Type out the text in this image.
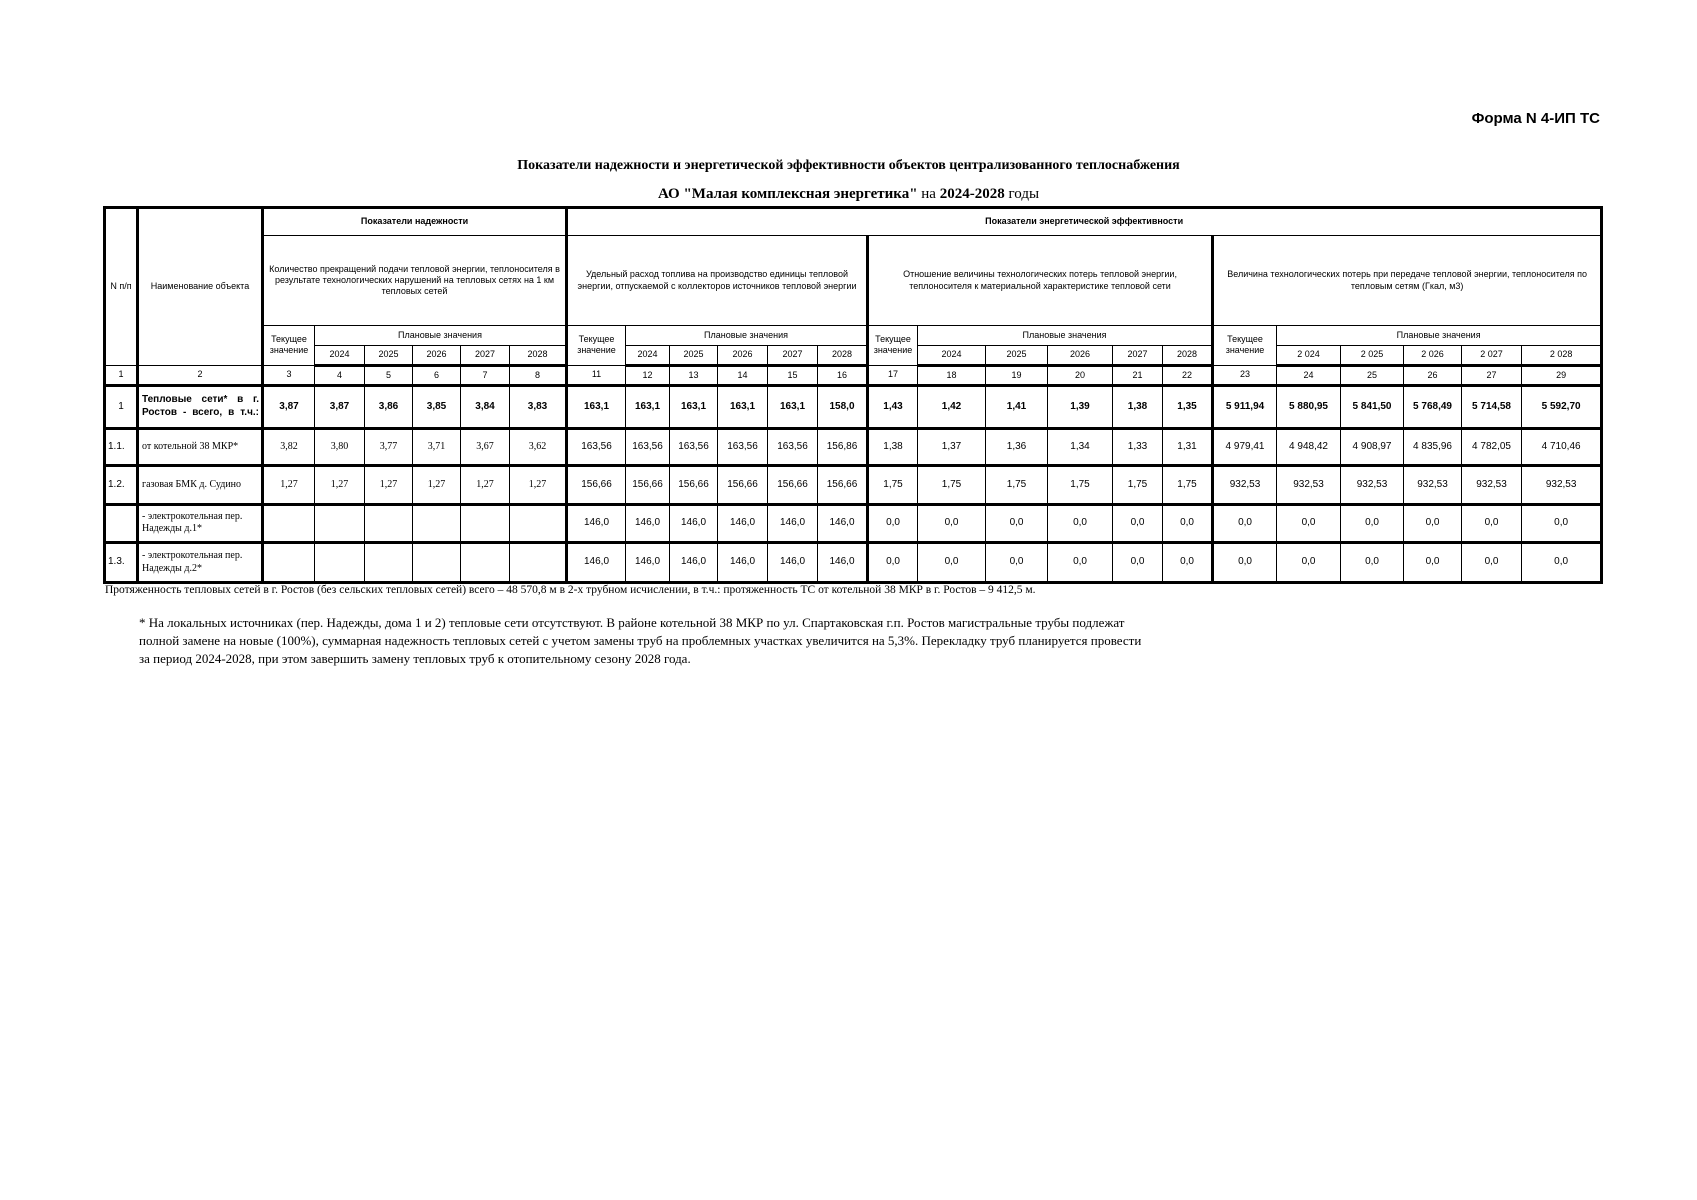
Форма N 4-ИП ТС
Показатели надежности и энергетической эффективности объектов централизованного теплоснабжения
АО "Малая комплексная энергетика" на 2024-2028 годы
N п/п	Наименование объекта	Показатели надежности						Показатели энергетической эффективности																	
		Количество прекращений подачи тепловой энергии, теплоносителя в результате технологических нарушений на тепловых сетях на 1 км тепловых сетей						Удельный расход топлива на производство единицы тепловой энергии, отпускаемой с коллекторов источников тепловой энергии						Отношение величины технологических потерь тепловой энергии, теплоносителя к материальной характеристике тепловой сети						Величина технологических потерь при передаче тепловой энергии, теплоносителя по тепловым сетям (Гкал, м3)					
		Текущее значение	Плановые значения					Текущее значение	Плановые значения					Текущее значение	Плановые значения					Текущее значение	Плановые значения				
			2024	2025	2026	2027	2028		2024	2025	2026	2027	2028		2024	2025	2026	2027	2028		2 024	2 025	2 026	2 027	2 028
1	2	3	4	5	6	7	8	11	12	13	14	15	16	17	18	19	20	21	22	23	24	25	26	27	29
1	Тепловые сети* в г. Ростов - всего, в т.ч.:	3,87	3,87	3,86	3,85	3,84	3,83	163,1	163,1	163,1	163,1	163,1	158,0	1,43	1,42	1,41	1,39	1,38	1,35	5 911,94	5 880,95	5 841,50	5 768,49	5 714,58	5 592,70
1.1.	от котельной 38 МКР*	3,82	3,80	3,77	3,71	3,67	3,62	163,56	163,56	163,56	163,56	163,56	156,86	1,38	1,37	1,36	1,34	1,33	1,31	4 979,41	4 948,42	4 908,97	4 835,96	4 782,05	4 710,46
1.2.	газовая БМК д. Судино	1,27	1,27	1,27	1,27	1,27	1,27	156,66	156,66	156,66	156,66	156,66	156,66	1,75	1,75	1,75	1,75	1,75	1,75	932,53	932,53	932,53	932,53	932,53	932,53
	- электрокотельная пер. Надежды д.1*							146,0	146,0	146,0	146,0	146,0	146,0	0,0	0,0	0,0	0,0	0,0	0,0	0,0	0,0	0,0	0,0	0,0	0,0
1.3.	- электрокотельная пер. Надежды д.2*							146,0	146,0	146,0	146,0	146,0	146,0	0,0	0,0	0,0	0,0	0,0	0,0	0,0	0,0	0,0	0,0	0,0	0,0
Протяженность тепловых сетей в г. Ростов (без сельских тепловых сетей) всего – 48 570,8 м в 2-х трубном исчислении, в т.ч.: протяженность ТС от котельной 38 МКР в г. Ростов – 9 412,5 м.
* На локальных источниках (пер. Надежды, дома 1 и 2) тепловые сети отсутствуют. В районе котельной 38 МКР по ул. Спартаковская г.п. Ростов магистральные трубы подлежат
полной замене на новые (100%), суммарная надежность тепловых сетей с учетом замены труб на проблемных участках увеличится на 5,3%. Перекладку труб планируется провести
за период 2024-2028, при этом завершить замену тепловых труб к отопительному сезону 2028 года.
